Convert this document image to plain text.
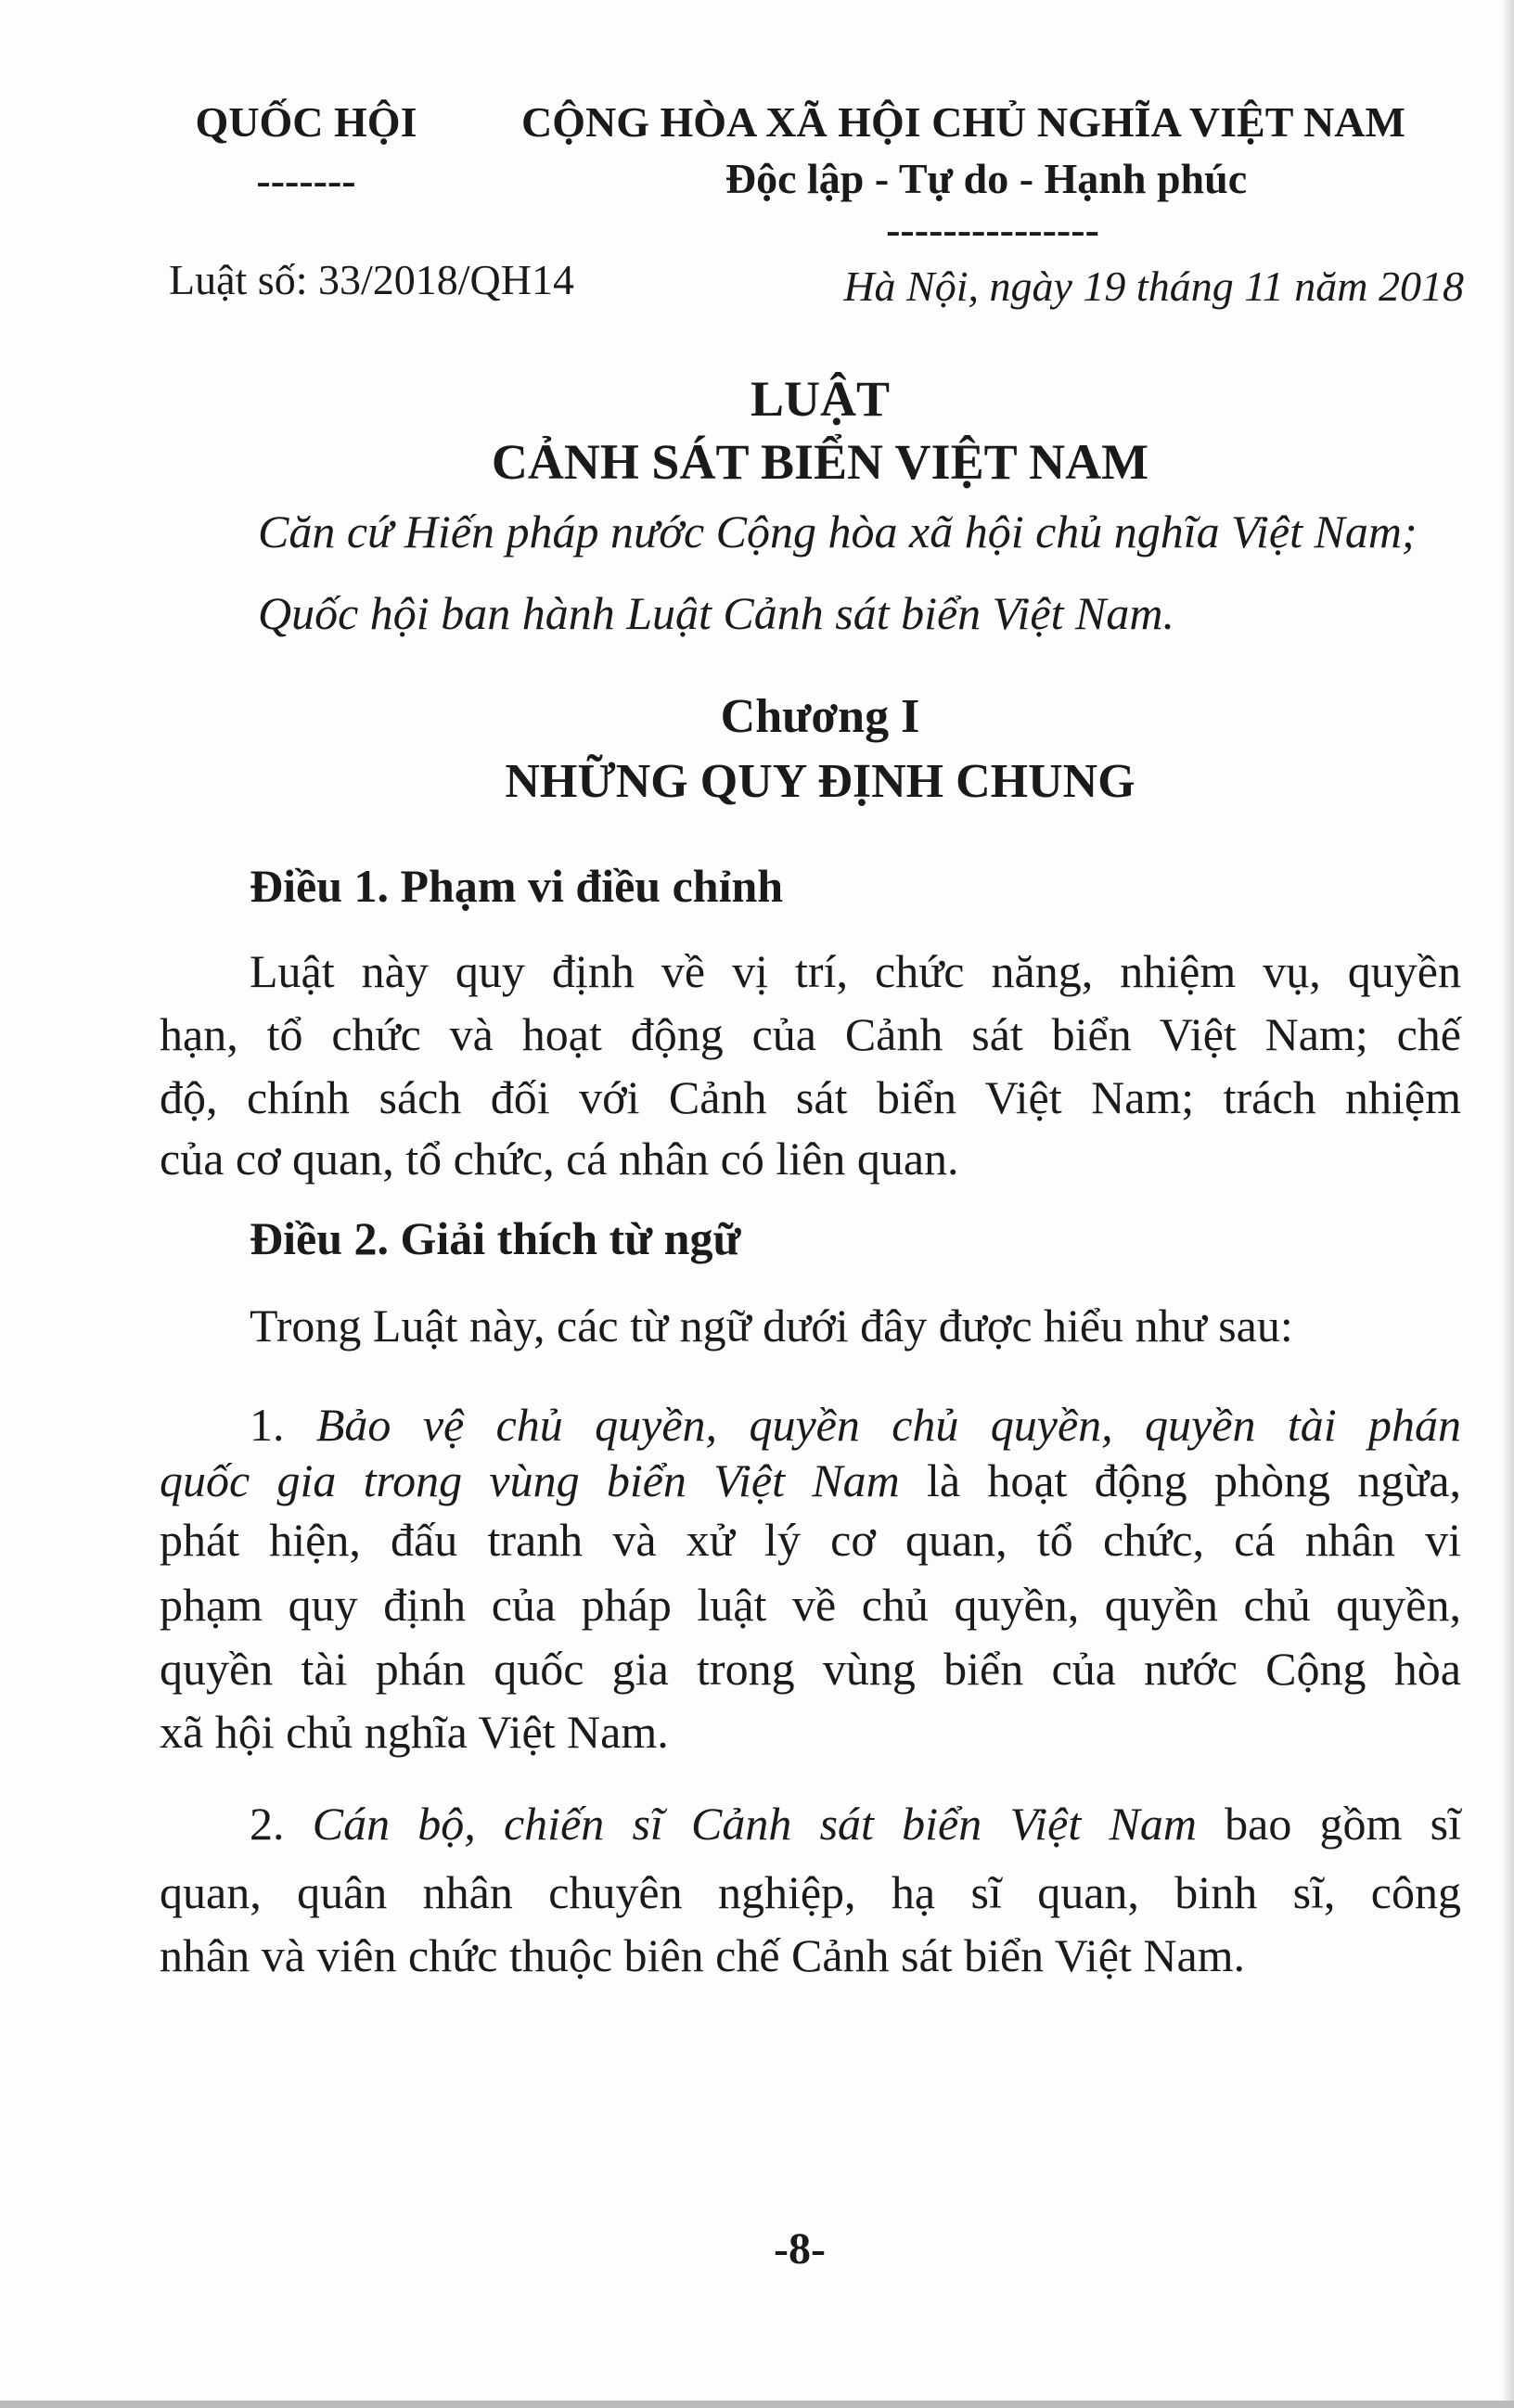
QUỐC HỘI
-------
CỘNG HÒA XÃ HỘI CHỦ NGHĨA VIỆT NAM
Độc lập - Tự do - Hạnh phúc
---------------
Luật số: 33/2018/QH14	Hà Nội, ngày 19 tháng 11 năm 2018
LUẬT
CẢNH SÁT BIỂN VIỆT NAM
Căn cứ Hiến pháp nước Cộng hòa xã hội chủ nghĩa Việt Nam;
Quốc hội ban hành Luật Cảnh sát biển Việt Nam.
Chương I
NHỮNG QUY ĐỊNH CHUNG
Điều 1. Phạm vi điều chỉnh
Luật này quy định về vị trí, chức năng, nhiệm vụ, quyền
hạn, tổ chức và hoạt động của Cảnh sát biển Việt Nam; chế
độ, chính sách đối với Cảnh sát biển Việt Nam; trách nhiệm
của cơ quan, tổ chức, cá nhân có liên quan.
Điều 2. Giải thích từ ngữ
Trong Luật này, các từ ngữ dưới đây được hiểu như sau:
1. Bảo vệ chủ quyền, quyền chủ quyền, quyền tài phán
quốc gia trong vùng biển Việt Nam là hoạt động phòng ngừa,
phát hiện, đấu tranh và xử lý cơ quan, tổ chức, cá nhân vi
phạm quy định của pháp luật về chủ quyền, quyền chủ quyền,
quyền tài phán quốc gia trong vùng biển của nước Cộng hòa
xã hội chủ nghĩa Việt Nam.
2. Cán bộ, chiến sĩ Cảnh sát biển Việt Nam bao gồm sĩ
quan, quân nhân chuyên nghiệp, hạ sĩ quan, binh sĩ, công
nhân và viên chức thuộc biên chế Cảnh sát biển Việt Nam.
-8-
